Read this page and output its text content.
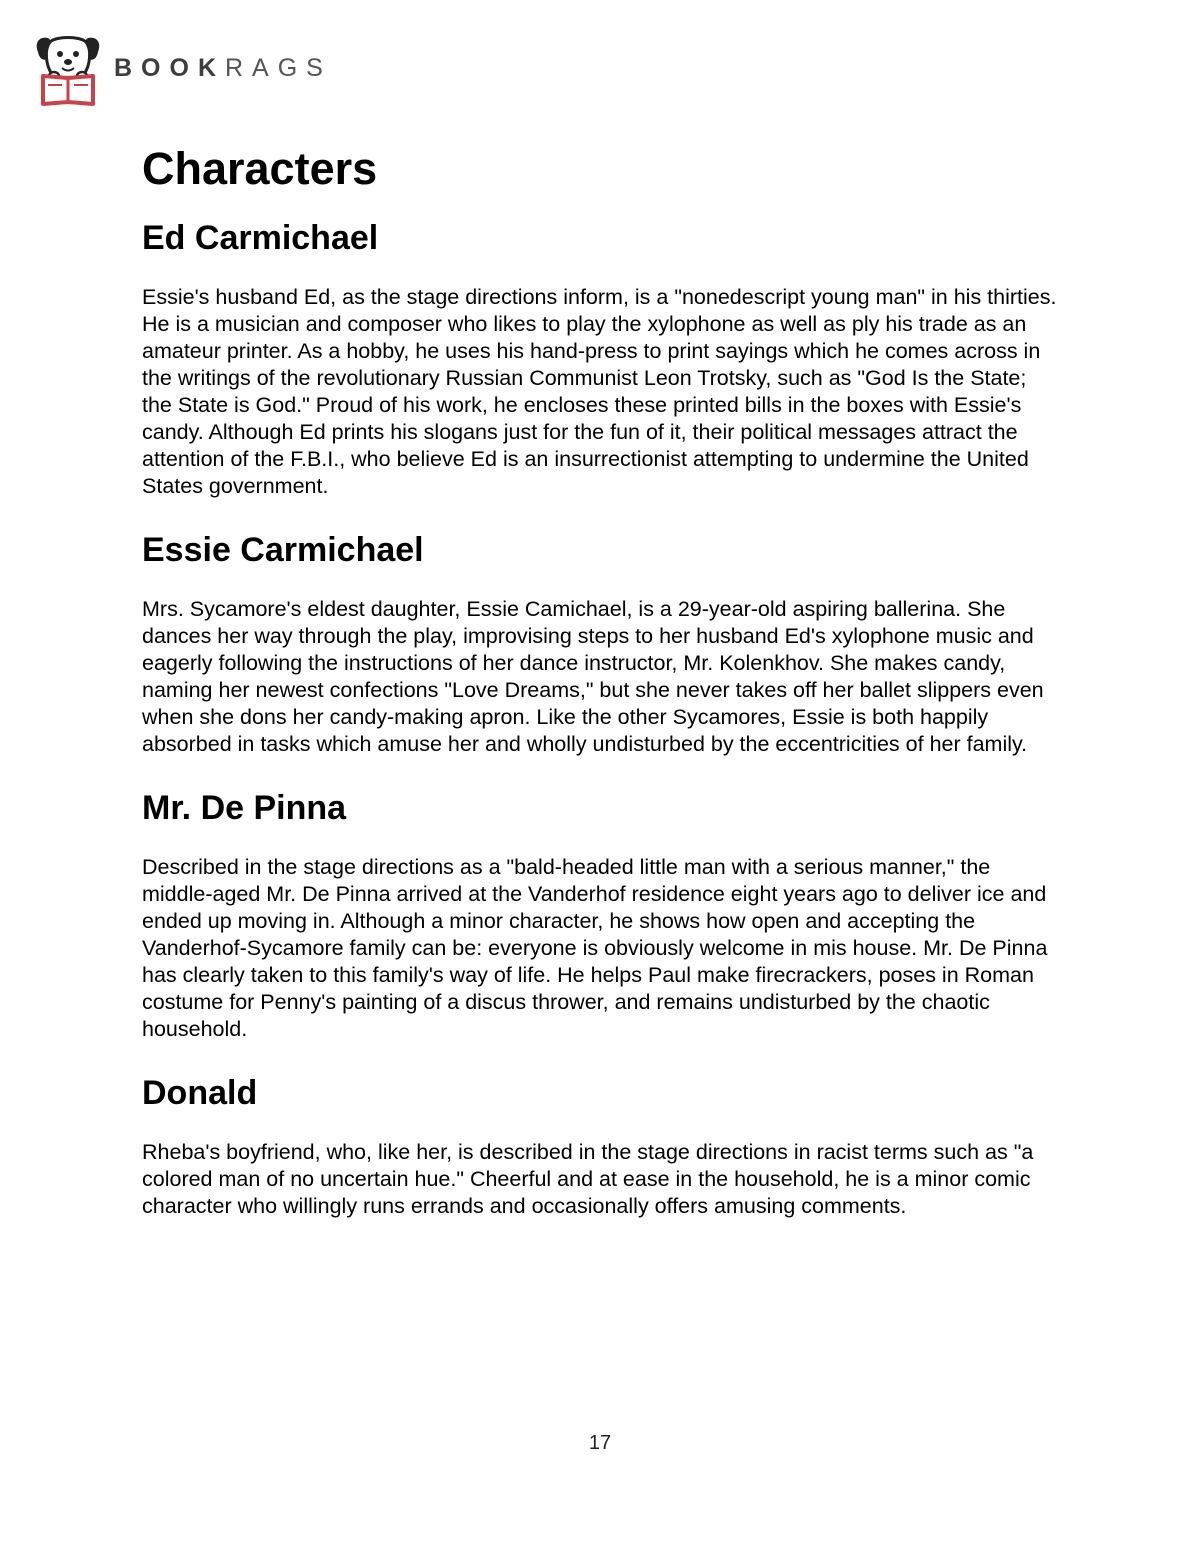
BOOKRAGS
Characters
Ed Carmichael

Essie's husband Ed, as the stage directions inform, is a "nonedescript young man" in his thirties. He is a musician and composer who likes to play the xylophone as well as ply his trade as an amateur printer. As a hobby, he uses his hand-press to print sayings which he comes across in the writings of the revolutionary Russian Communist Leon Trotsky, such as "God Is the State; the State is God." Proud of his work, he encloses these printed bills in the boxes with Essie's candy. Although Ed prints his slogans just for the fun of it, their political messages attract the attention of the F.B.I., who believe Ed is an insurrectionist attempting to undermine the United States government.

Essie Carmichael

Mrs. Sycamore's eldest daughter, Essie Camichael, is a 29-year-old aspiring ballerina. She dances her way through the play, improvising steps to her husband Ed's xylophone music and eagerly following the instructions of her dance instructor, Mr. Kolenkhov. She makes candy, naming her newest confections "Love Dreams," but she never takes off her ballet slippers even when she dons her candy-making apron. Like the other Sycamores, Essie is both happily absorbed in tasks which amuse her and wholly undisturbed by the eccentricities of her family.

Mr. De Pinna

Described in the stage directions as a "bald-headed little man with a serious manner," the middle-aged Mr. De Pinna arrived at the Vanderhof residence eight years ago to deliver ice and ended up moving in. Although a minor character, he shows how open and accepting the Vanderhof-Sycamore family can be: everyone is obviously welcome in mis house. Mr. De Pinna has clearly taken to this family's way of life. He helps Paul make firecrackers, poses in Roman costume for Penny's painting of a discus thrower, and remains undisturbed by the chaotic household.

Donald

Rheba's boyfriend, who, like her, is described in the stage directions in racist terms such as "a colored man of no uncertain hue." Cheerful and at ease in the household, he is a minor comic character who willingly runs errands and occasionally offers amusing comments.

17
